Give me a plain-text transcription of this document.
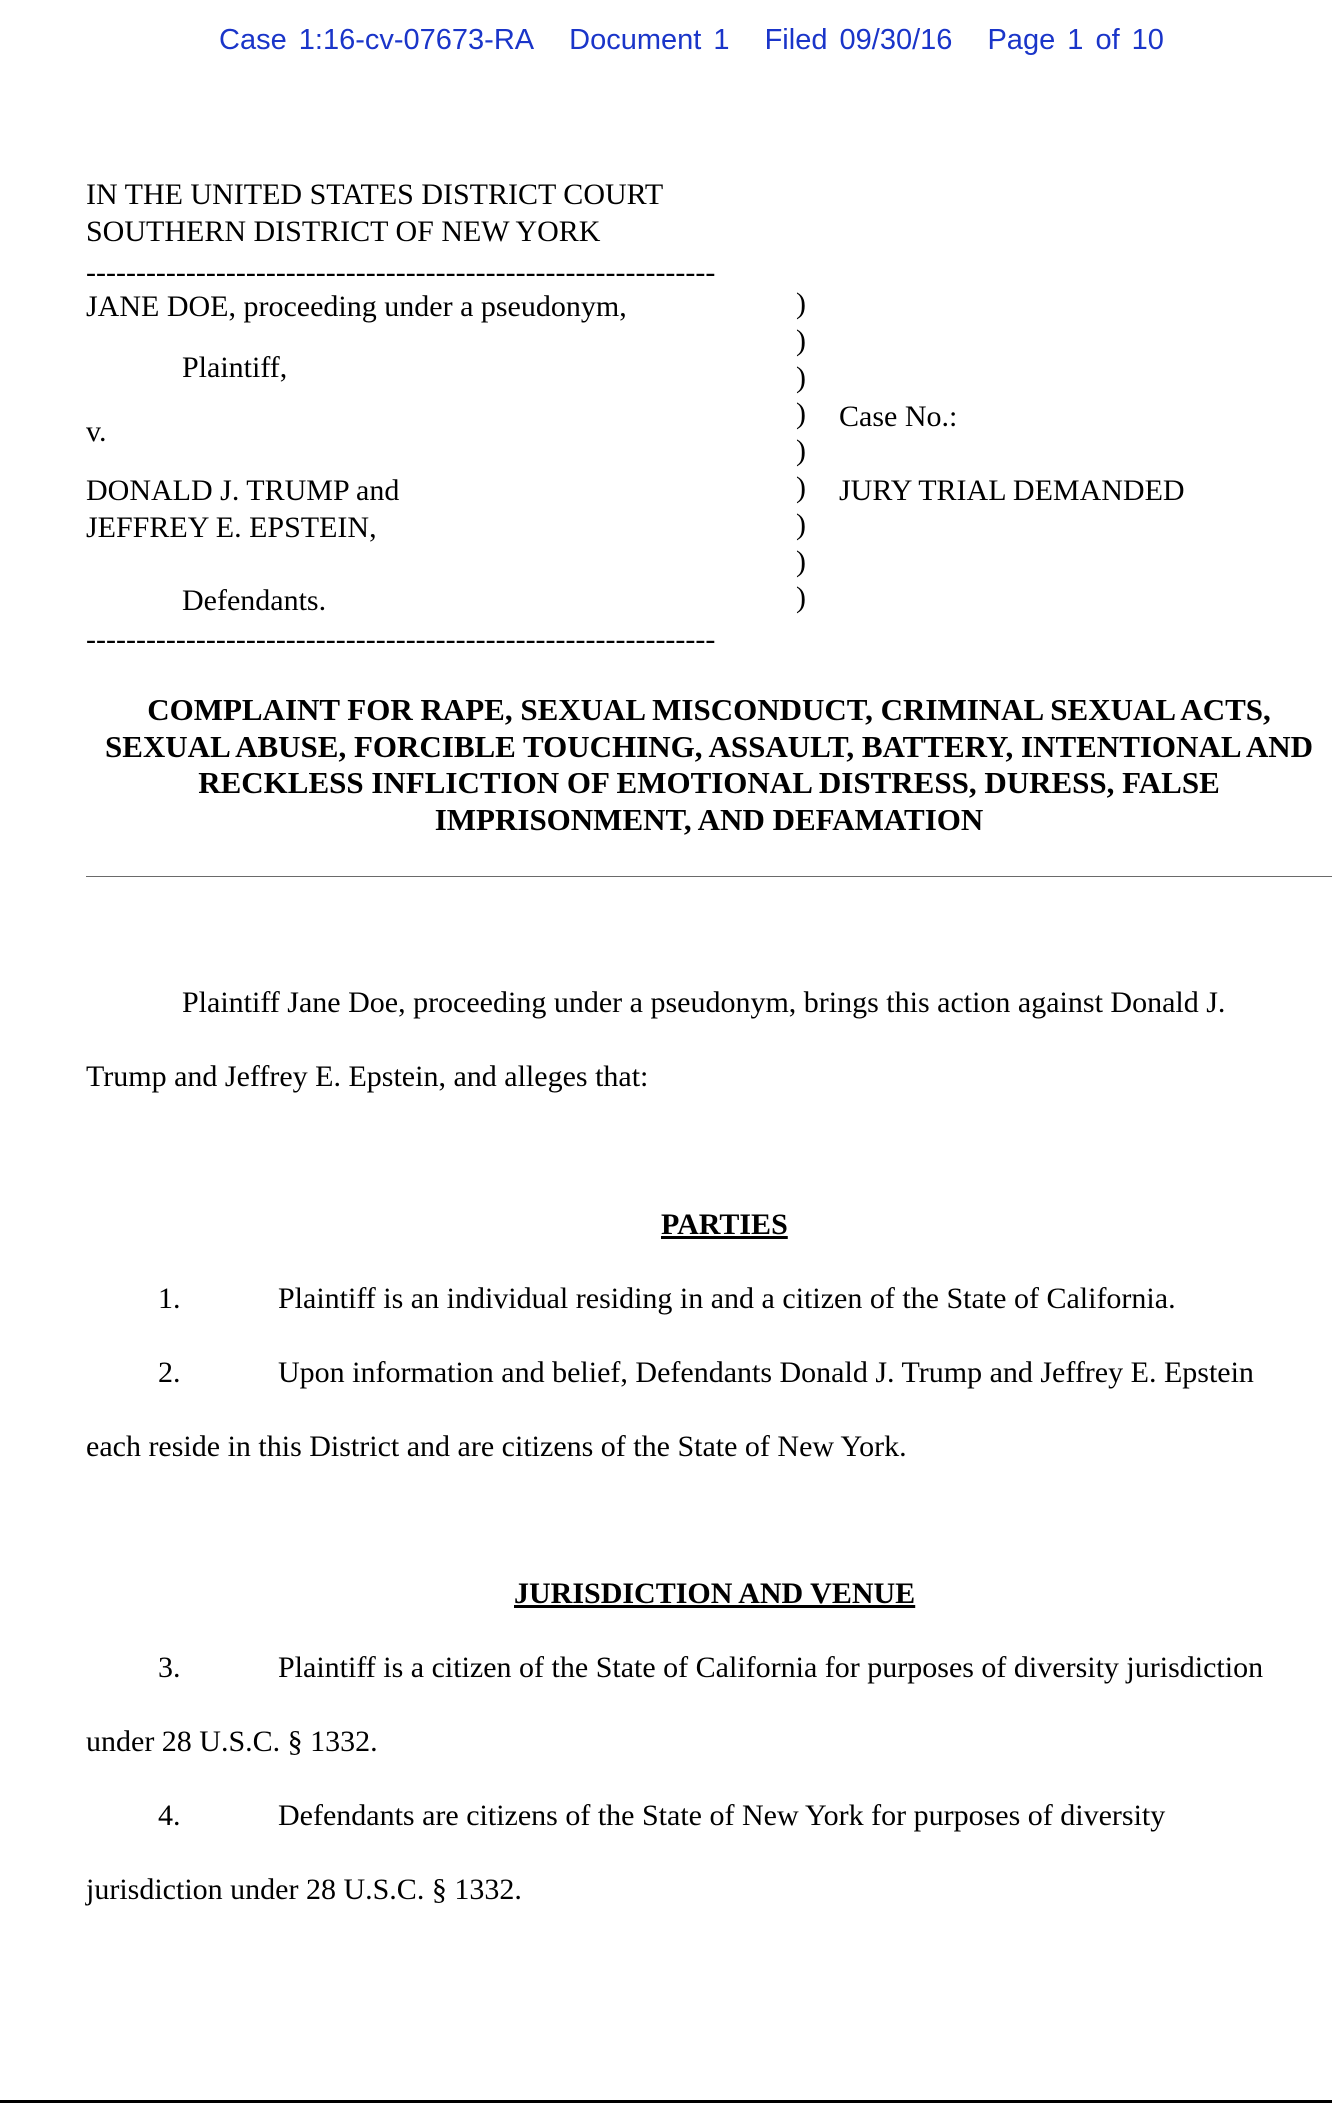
Case 1:16-cv-07673-RA Document 1 Filed 09/30/16 Page 1 of 10
IN THE UNITED STATES DISTRICT COURT
SOUTHERN DISTRICT OF NEW YORK
---------------------------------------------------------------
JANE DOE, proceeding under a pseudonym,
Plaintiff,
v.
DONALD J. TRUMP and
JEFFREY E. EPSTEIN,
Defendants.
)
)
)
)
)
)
)
)
)
Case No.:
JURY TRIAL DEMANDED
---------------------------------------------------------------
COMPLAINT FOR RAPE, SEXUAL MISCONDUCT, CRIMINAL SEXUAL ACTS, SEXUAL ABUSE, FORCIBLE TOUCHING, ASSAULT, BATTERY, INTENTIONAL AND RECKLESS INFLICTION OF EMOTIONAL DISTRESS, DURESS, FALSE IMPRISONMENT, AND DEFAMATION
Plaintiff Jane Doe, proceeding under a pseudonym, brings this action against Donald J.
Trump and Jeffrey E. Epstein, and alleges that:
PARTIES
1.	Plaintiff is an individual residing in and a citizen of the State of California.
2.	Upon information and belief, Defendants Donald J. Trump and Jeffrey E. Epstein
each reside in this District and are citizens of the State of New York.
JURISDICTION AND VENUE
3.	Plaintiff is a citizen of the State of California for purposes of diversity jurisdiction
under 28 U.S.C. § 1332.
4.	Defendants are citizens of the State of New York for purposes of diversity
jurisdiction under 28 U.S.C. § 1332.
